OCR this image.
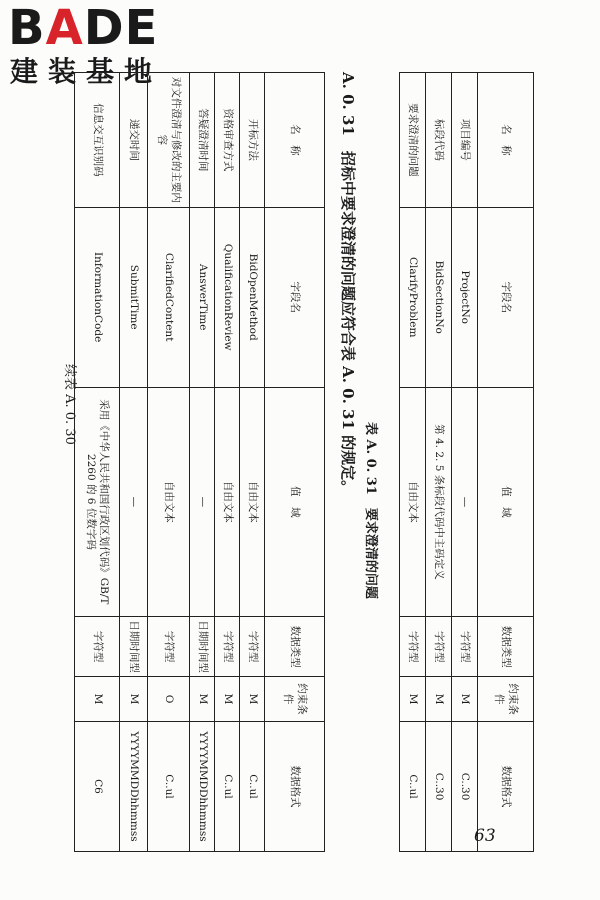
BADE
建装基地
续表 A. 0. 30
名　称	字段名	值　域	数据类型	约束条件	数据格式
开标方法	BidOpenMethod	自由文本	字符型	M	C..ul
资格审查方式	QualificationReview	自由文本	字符型	M	C..ul
答疑澄清时间	AnswerTime	—	日期时间型	M	YYYYMMDDhhmmss
对文件澄清与修改的主要内容	ClarifiedContent	自由文本	字符型	O	C..ul
递交时间	SubmitTime	—	日期时间型	M	YYYYMMDDhhmmss
信息交互识别码	InformationCode	采用《中华人民共和国行政区划代码》GB/T 2260 的 6 位数字码	字符型	M	C6
A. 0. 31　招标中要求澄清的问题应符合表 A. 0. 31 的规定。
表 A. 0. 31　要求澄清的问题
名　称	字段名	值　域	数据类型	约束条件	数据格式
项目编号	ProjectNo	—	字符型	M	C..30
标段代码	BidSectionNo	第 4. 2. 5 条标段代码中主码定义	字符型	M	C..30
要求澄清的问题	ClarifyProblem	自由文本	字符型	M	C..ul
63
